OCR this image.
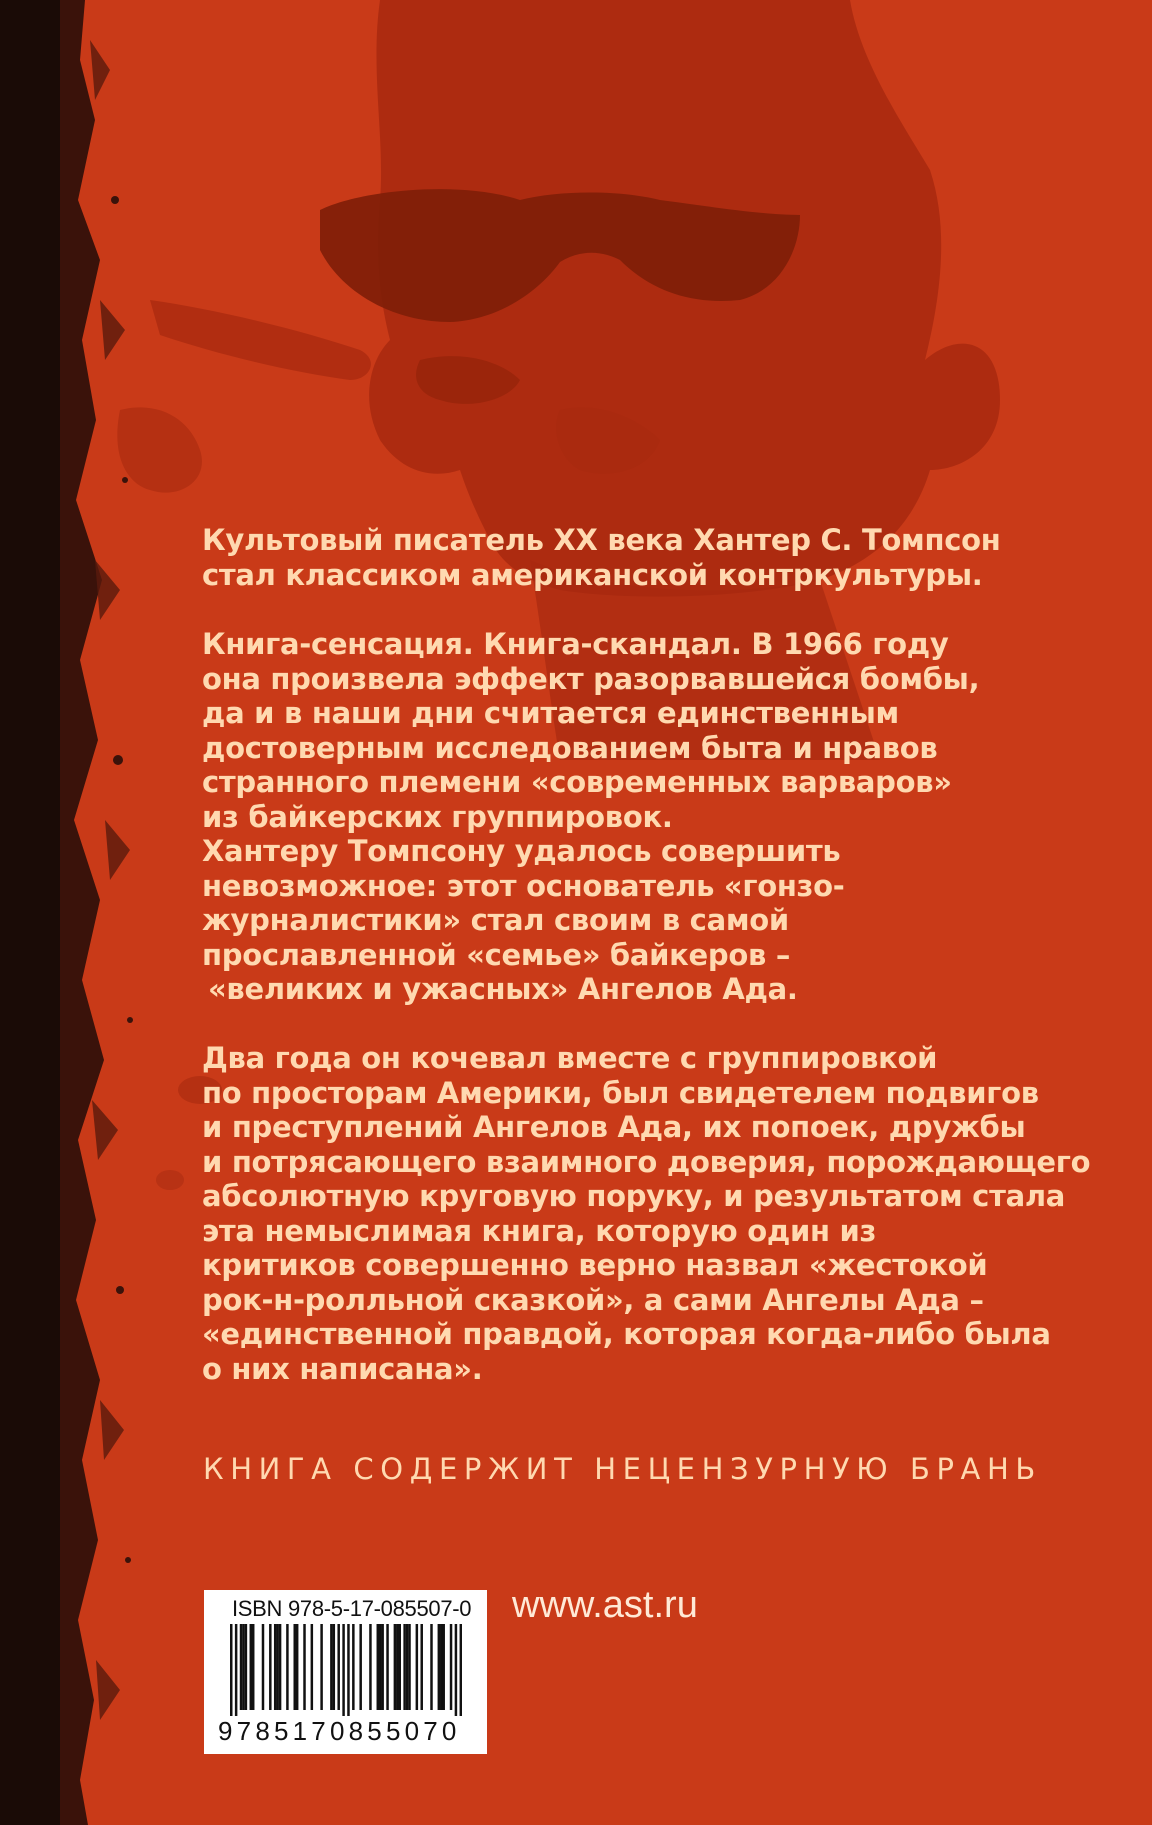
Культовый писатель XX века Хантер С. Томпсон
стал классиком американской контркультуры.
Книга-сенсация. Книга-скандал. В 1966 году
она произвела эффект разорвавшейся бомбы,
да и в наши дни считается единственным
достоверным исследованием быта и нравов
странного племени «современных варваров»
из байкерских группировок.
Хантеру Томпсону удалось совершить
невозможное: этот основатель «гонзо-
журналистики» стал своим в самой
прославленной «семье» байкеров –
«великих и ужасных» Ангелов Ада.
Два года он кочевал вместе с группировкой
по просторам Америки, был свидетелем подвигов
и преступлений Ангелов Ада, их попоек, дружбы
и потрясающего взаимного доверия, порождающего
абсолютную круговую поруку, и результатом стала
эта немыслимая книга, которую один из
критиков совершенно верно назвал «жестокой
рок-н-ролльной сказкой», а сами Ангелы Ада –
«единственной правдой, которая когда-либо была
о них написана».
КНИГА СОДЕРЖИТ НЕЦЕНЗУРНУЮ БРАНЬ
ISBN 978-5-17-085507-0
9785170855070
www.ast.ru
